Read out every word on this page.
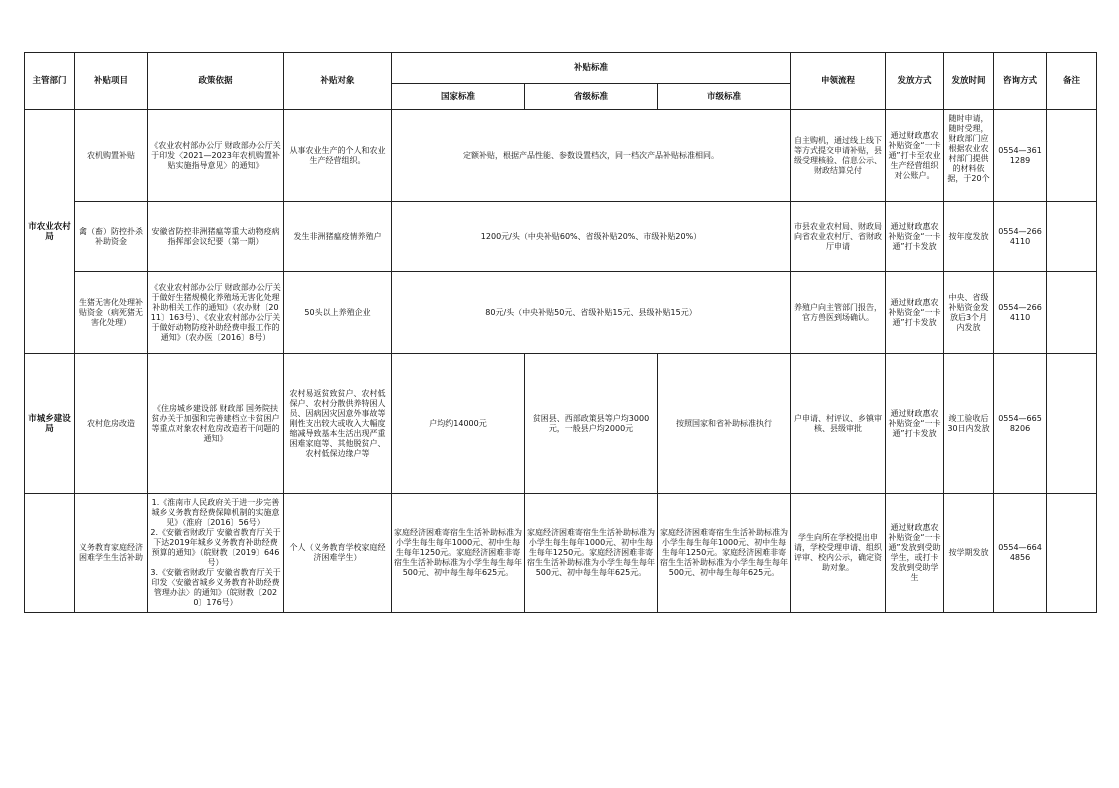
主管部门	补贴项目	政策依据	补贴对象	补贴标准			申领流程	发放方式	发放时间	咨询方式	备注
				国家标准	省级标准	市级标准					
市农业农村局	农机购置补贴	《农业农村部办公厅 财政部办公厅关于印发〈2021—2023年农机购置补贴实施指导意见〉的通知》	从事农业生产的个人和农业生产经营组织。	定额补贴，根据产品性能、参数设置档次，同一档次产品补贴标准相同。			自主购机，通过线上线下等方式提交申请补贴，县级受理核验、信息公示、财政结算兑付	通过财政惠农补贴资金“一卡通”打卡至农业生产经营组织对公账户。	随时申请，随时受理，财政部门应根据农业农村部门提供的材料依据，于20个	0554—3611289	
	禽（畜）防控扑杀补助资金	安徽省防控非洲猪瘟等重大动物疫病指挥部会议纪要（第一期）	发生非洲猪瘟疫情养殖户	1200元/头（中央补贴60%、省级补贴20%、市级补贴20%）			市县农业农村局、财政局向省农业农村厅、省财政厅申请	通过财政惠农补贴资金“一卡通”打卡发放	按年度发放	0554—2664110	
	生猪无害化处理补贴资金（病死猪无害化处理）	《农业农村部办公厅 财政部办公厅关于做好生猪规模化养殖场无害化处理补助相关工作的通知》（农办财〔2011〕163号）、《农业农村部办公厅关于做好动物防疫补助经费申报工作的通知》（农办医〔2016〕8号）	50头以上养殖企业	80元/头（中央补贴50元、省级补贴15元、县级补贴15元）			养殖户向主管部门报告，官方兽医到场确认。	通过财政惠农补贴资金“一卡通”打卡发放	中央、省级补贴资金发放后3个月内发放	0554—2664110	
市城乡建设局	农村危房改造	《住房城乡建设部 财政部 国务院扶贫办关于加强和完善建档立卡贫困户等重点对象农村危房改造若干问题的通知》	农村易返贫致贫户、农村低保户、农村分散供养特困人员、因病因灾因意外事故等刚性支出较大或收入大幅度缩减导致基本生活出现严重困难家庭等、其他脱贫户、农村低保边缘户等	户均约14000元	贫困县、西部政策县等户均3000元，一般县户均2000元	按照国家和省补助标准执行	户申请、村评议、乡镇审核、县级审批	通过财政惠农补贴资金“一卡通”打卡发放	竣工验收后30日内发放	0554—6658206	
	义务教育家庭经济困难学生生活补助	1.《淮南市人民政府关于进一步完善城乡义务教育经费保障机制的实施意见》（淮府〔2016〕56号）
2.《安徽省财政厅 安徽省教育厅关于下达2019年城乡义务教育补助经费预算的通知》（皖财教〔2019〕646号）
3.《安徽省财政厅 安徽省教育厅关于印发〈安徽省城乡义务教育补助经费管理办法〉的通知》（皖财教〔2020〕176号）	个人（义务教育学校家庭经济困难学生）	家庭经济困难寄宿生生活补助标准为小学生每生每年1000元、初中生每生每年1250元。家庭经济困难非寄宿生生活补助标准为小学生每生每年500元、初中每生每年625元。	家庭经济困难寄宿生生活补助标准为小学生每生每年1000元、初中生每生每年1250元。家庭经济困难非寄宿生生活补助标准为小学生每生每年500元、初中每生每年625元。	家庭经济困难寄宿生生活补助标准为小学生每生每年1000元、初中生每生每年1250元。家庭经济困难非寄宿生生活补助标准为小学生每生每年500元、初中每生每年625元。	学生向所在学校提出申请，学校受理申请、组织评审、校内公示，确定资助对象。	通过财政惠农补贴资金“一卡通”发放到受助学生，或打卡发放到受助学生	按学期发放	0554—6644856	
